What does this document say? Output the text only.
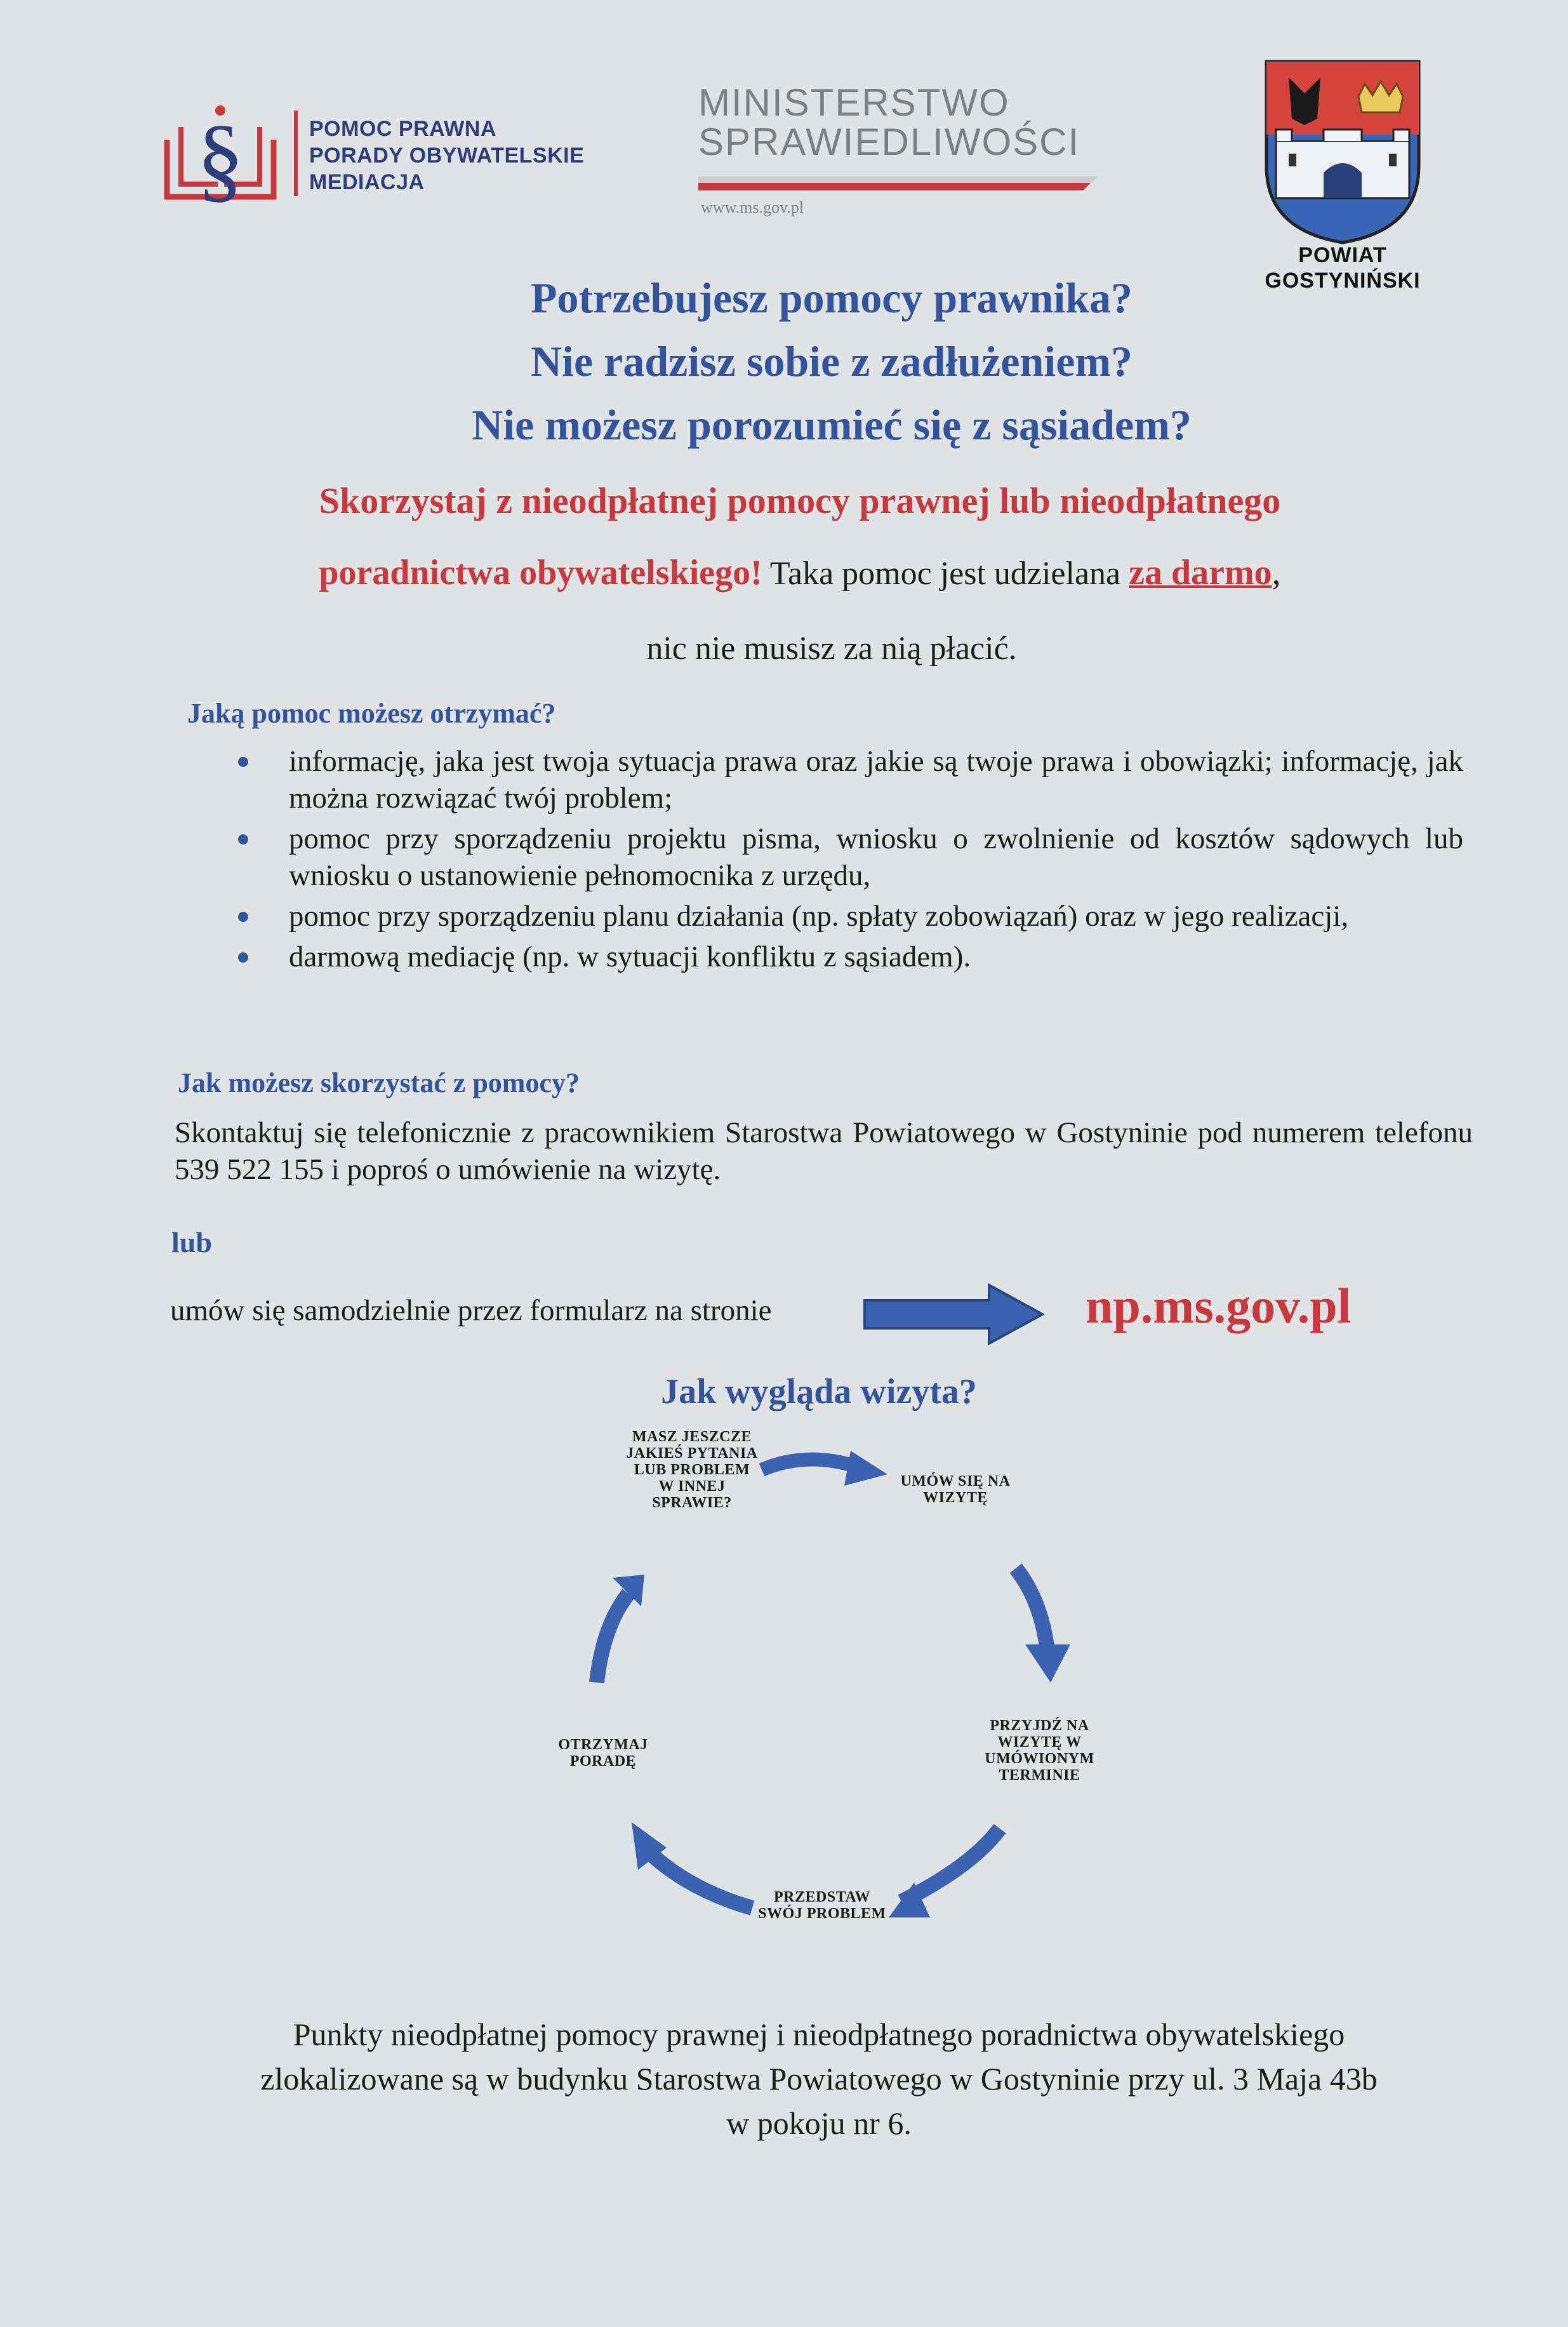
§	POMOC PRAWNA
PORADY OBYWATELSKIE
MEDIACJA
MINISTERSTWO
SPRAWIEDLIWOŚCI
www.ms.gov.pl
POWIAT
GOSTYNIŃSKI
Potrzebujesz pomocy prawnika?
Nie radzisz sobie z zadłużeniem?
Nie możesz porozumieć się z sąsiadem?
Skorzystaj z nieodpłatnej pomocy prawnej lub nieodpłatnego
poradnictwa obywatelskiego! Taka pomoc jest udzielana za darmo,
nic nie musisz za nią płacić.
Jaką pomoc możesz otrzymać?
informację, jaka jest twoja sytuacja prawa oraz jakie są twoje prawa i obowiązki; informację, jak można rozwiązać twój problem;
pomoc przy sporządzeniu projektu pisma, wniosku o zwolnienie od kosztów sądowych lub wniosku o ustanowienie pełnomocnika z urzędu,
pomoc przy sporządzeniu planu działania (np. spłaty zobowiązań) oraz w jego realizacji,
darmową mediację (np. w sytuacji konfliktu z sąsiadem).
Jak możesz skorzystać z pomocy?
Skontaktuj się telefonicznie z pracownikiem Starostwa Powiatowego w Gostyninie pod numerem telefonu 539 522 155 i poproś o umówienie na wizytę.
lub
umów się samodzielnie przez formularz na stronie	np.ms.gov.pl
Jak wygląda wizyta?
MASZ JESZCZE JAKIEŚ PYTANIA LUB PROBLEM W INNEJ SPRAWIE?
UMÓW SIĘ NA WIZYTĘ
PRZYJDŹ NA WIZYTĘ W UMÓWIONYM TERMINIE
PRZEDSTAW SWÓJ PROBLEM
OTRZYMAJ PORADĘ
Punkty nieodpłatnej pomocy prawnej i nieodpłatnego poradnictwa obywatelskiego
zlokalizowane są w budynku Starostwa Powiatowego w Gostyninie przy ul. 3 Maja 43b
w pokoju nr 6.
